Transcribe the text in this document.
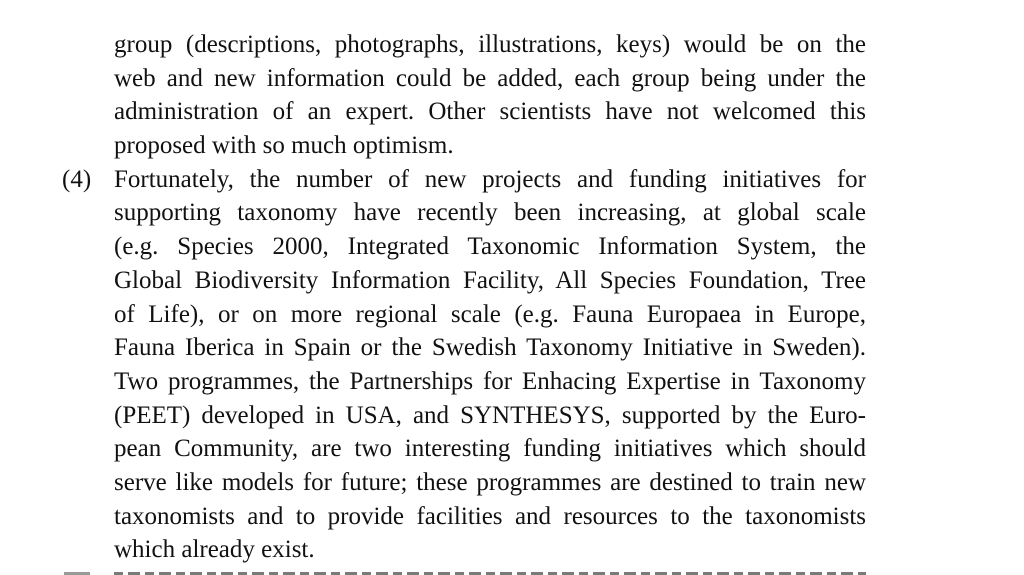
group (descriptions, photographs, illustrations, keys) would be on the
web and new information could be added, each group being under the
administration of an expert. Other scientists have not welcomed this
proposed with so much optimism.
(4) Fortunately, the number of new projects and funding initiatives for
supporting taxonomy have recently been increasing, at global scale
(e.g. Species 2000, Integrated Taxonomic Information System, the
Global Biodiversity Information Facility, All Species Foundation, Tree
of Life), or on more regional scale (e.g. Fauna Europaea in Europe,
Fauna Iberica in Spain or the Swedish Taxonomy Initiative in Sweden).
Two programmes, the Partnerships for Enhacing Expertise in Taxonomy
(PEET) developed in USA, and SYNTHESYS, supported by the Euro-
pean Community, are two interesting funding initiatives which should
serve like models for future; these programmes are destined to train new
taxonomists and to provide facilities and resources to the taxonomists
which already exist.
